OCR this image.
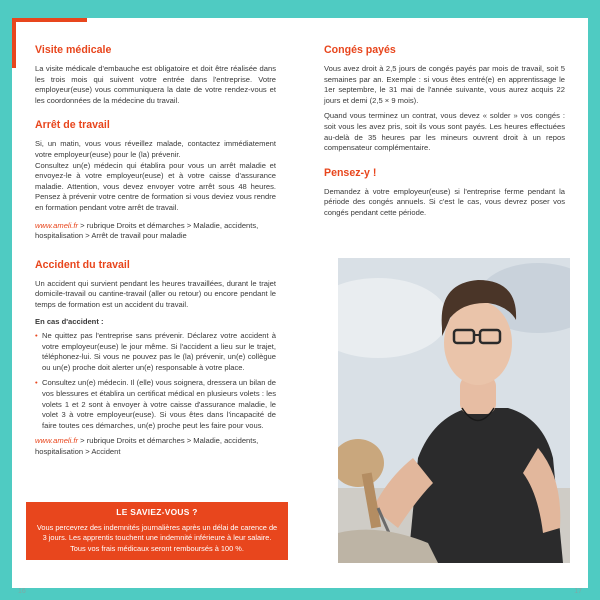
Visite médicale

La visite médicale d'embauche est obligatoire et doit être réalisée dans les trois mois qui suivent votre entrée dans l'entreprise. Votre employeur(euse) vous communiquera la date de votre rendez-vous et les coordonnées de la médecine du travail.

Arrêt de travail

Si, un matin, vous vous réveillez malade, contactez immédiatement votre employeur(euse) pour le (la) prévenir.

Consultez un(e) médecin qui établira pour vous un arrêt maladie et envoyez-le à votre employeur(euse) et à votre caisse d'assurance maladie. Attention, vous devez envoyer votre arrêt sous 48 heures. Pensez à prévenir votre centre de formation si vous deviez vous rendre en formation pendant votre arrêt de travail.

www.ameli.fr > rubrique Droits et démarches > Maladie, accidents, hospitalisation > Arrêt de travail pour maladie

Accident du travail

Un accident qui survient pendant les heures travaillées, durant le trajet domicile-travail ou cantine-travail (aller ou retour) ou encore pendant le temps de formation est un accident du travail.

En cas d'accident :

• Ne quittez pas l'entreprise sans prévenir. Déclarez votre accident à votre employeur(euse) le jour même. Si l'accident a lieu sur le trajet, téléphonez-lui. Si vous ne pouvez pas le (la) prévenir, un(e) collègue ou un(e) proche doit alerter un(e) responsable à votre place.
• Consultez un(e) médecin. Il (elle) vous soignera, dressera un bilan de vos blessures et établira un certificat médical en plusieurs volets : les volets 1 et 2 sont à envoyer à votre caisse d'assurance maladie, le volet 3 à votre employeur(euse). Si vous êtes dans l'incapacité de faire toutes ces démarches, un(e) proche peut les faire pour vous.

www.ameli.fr > rubrique Droits et démarches > Maladie, accidents, hospitalisation > Accident

LE SAVIEZ-VOUS ?
Vous percevrez des indemnités journalières après un délai de carence de 3 jours. Les apprentis touchent une indemnité inférieure à leur salaire. Tous vos frais médicaux seront remboursés à 100 %.
Congés payés

Vous avez droit à 2,5 jours de congés payés par mois de travail, soit 5 semaines par an. Exemple : si vous êtes entré(e) en apprentissage le 1er septembre, le 31 mai de l'année suivante, vous aurez acquis 22 jours et demi (2,5 × 9 mois).

Quand vous terminez un contrat, vous devez « solder » vos congés : soit vous les avez pris, soit ils vous sont payés. Les heures effectuées au-delà de 35 heures par les mineurs ouvrent droit à un repos compensateur complémentaire.

Pensez-y !

Demandez à votre employeur(euse) si l'entreprise ferme pendant la période des congés annuels. Si c'est le cas, vous devrez poser vos congés pendant cette période.

16	17
